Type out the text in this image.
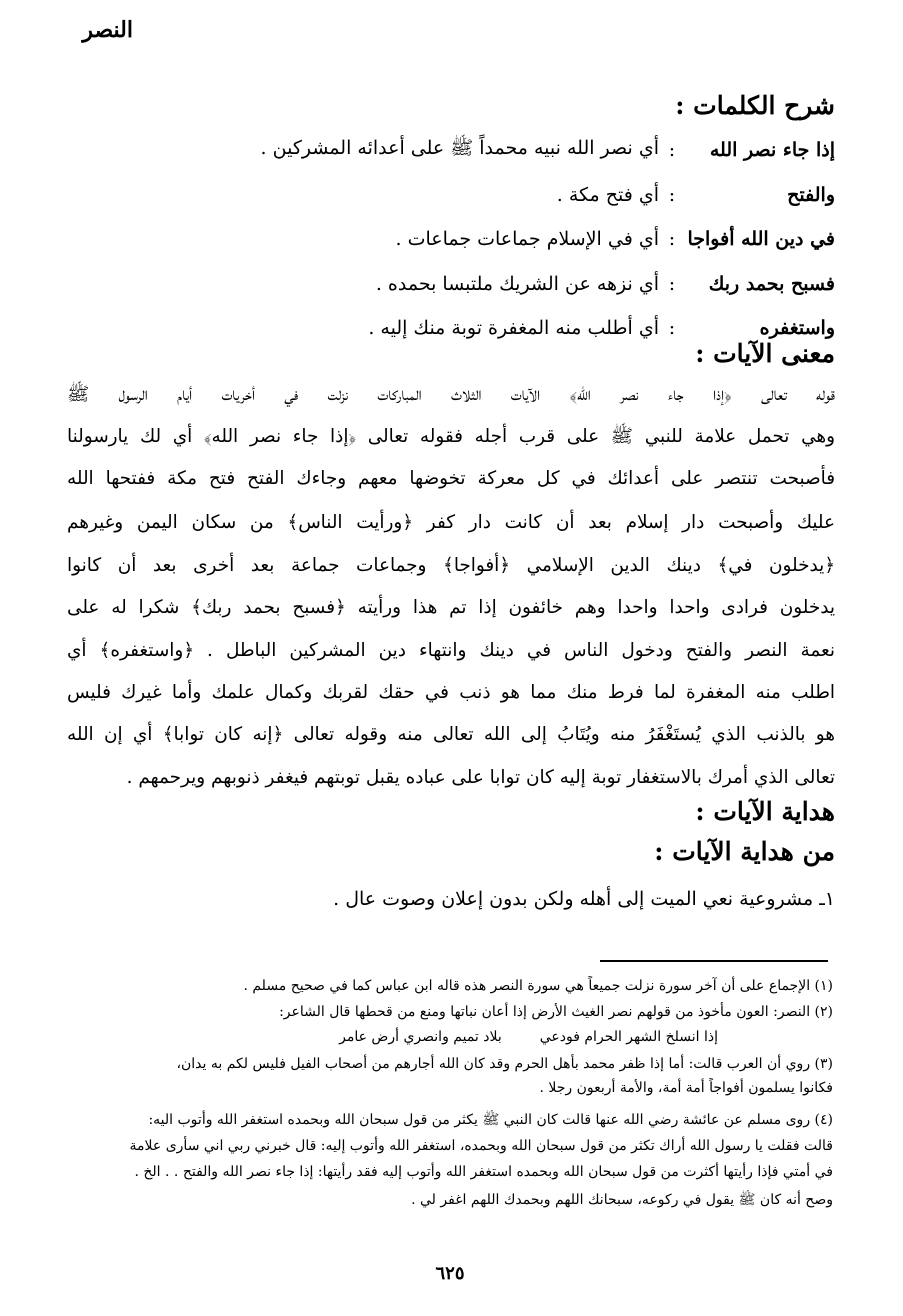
النصر
شرح الكلمات :
إذا جاء نصر الله
:
أي نصر الله نبيه محمداً ﷺ على أعدائه المشركين .
والفتح
:
أي فتح مكة .
في دين الله أفواجا
:
أي في الإسلام جماعات جماعات .
فسبح بحمد ربك
:
أي نزهه عن الشريك ملتبسا بحمده .
واستغفره
:
أي أطلب منه المغفرة توبة منك إليه .
معنى الآيات :
قوله تعالى ﴿إذا جاء نصر الله﴾ الآيات الثلاث المباركات نزلت في أخريات أيام الرسول ﷺ
وهي تحمل علامة للنبي ﷺ على قرب أجله فقوله تعالى ﴿إذا جاء نصر الله﴾ أي لك يارسولنا
فأصبحت تنتصر على أعدائك في كل معركة تخوضها معهم وجاءك الفتح فتح مكة ففتحها الله
عليك وأصبحت دار إسلام بعد أن كانت دار كفر ﴿ورأيت الناس﴾ من سكان اليمن وغيرهم
﴿يدخلون في﴾ دينك الدين الإسلامي ﴿أفواجا﴾ وجماعات جماعة بعد أخرى بعد أن كانوا
يدخلون فرادى واحدا واحدا وهم خائفون إذا تم هذا ورأيته ﴿فسبح بحمد ربك﴾ شكرا له على
نعمة النصر والفتح ودخول الناس في دينك وانتهاء دين المشركين الباطل . ﴿واستغفره﴾ أي
اطلب منه المغفرة لما فرط منك مما هو ذنب في حقك لقربك وكمال علمك وأما غيرك فليس
هو بالذنب الذي يُستَغْفَرُ منه ويُتَابُ إلى الله تعالى منه وقوله تعالى ﴿إنه كان توابا﴾ أي إن الله
تعالى الذي أمرك بالاستغفار توبة إليه كان توابا على عباده يقبل توبتهم فيغفر ذنوبهم ويرحمهم .
هداية الآيات :
من هداية الآيات :
١ـ مشروعية نعي الميت إلى أهله ولكن بدون إعلان وصوت عال .
(١) الإجماع على أن آخر سورة نزلت جميعاً هي سورة النصر هذه قاله ابن عباس كما في صحيح مسلم .
(٢) النصر: العون مأخوذ من قولهم نصر الغيث الأرض إذا أعان نباتها ومنع من قحطها قال الشاعر:
إذا انسلخ الشهر الحرام فودعيبلاد تميم وانصري أرض عامر
(٣) روي أن العرب قالت: أما إذا ظفر محمد بأهل الحرم وقد كان الله أجارهم من أصحاب الفيل فليس لكم به يدان،
فكانوا يسلمون أفواجاً أمة أمة، والأمة أربعون رجلا .
(٤) روى مسلم عن عائشة رضي الله عنها قالت كان النبي ﷺ يكثر من قول سبحان الله وبحمده استغفر الله وأتوب اليه:
قالت فقلت يا رسول الله أراك تكثر من قول سبحان الله وبحمده، استغفر الله وأتوب إليه: قال خبرني ربي اني سأرى علامة
في أمتي فإذا رأيتها أكثرت من قول سبحان الله وبحمده استغفر الله وأتوب إليه فقد رأيتها: إذا جاء نصر الله والفتح . . الخ .
وصح أنه كان ﷺ يقول في ركوعه، سبحانك اللهم وبحمدك اللهم اغفر لي .
٦٢٥
